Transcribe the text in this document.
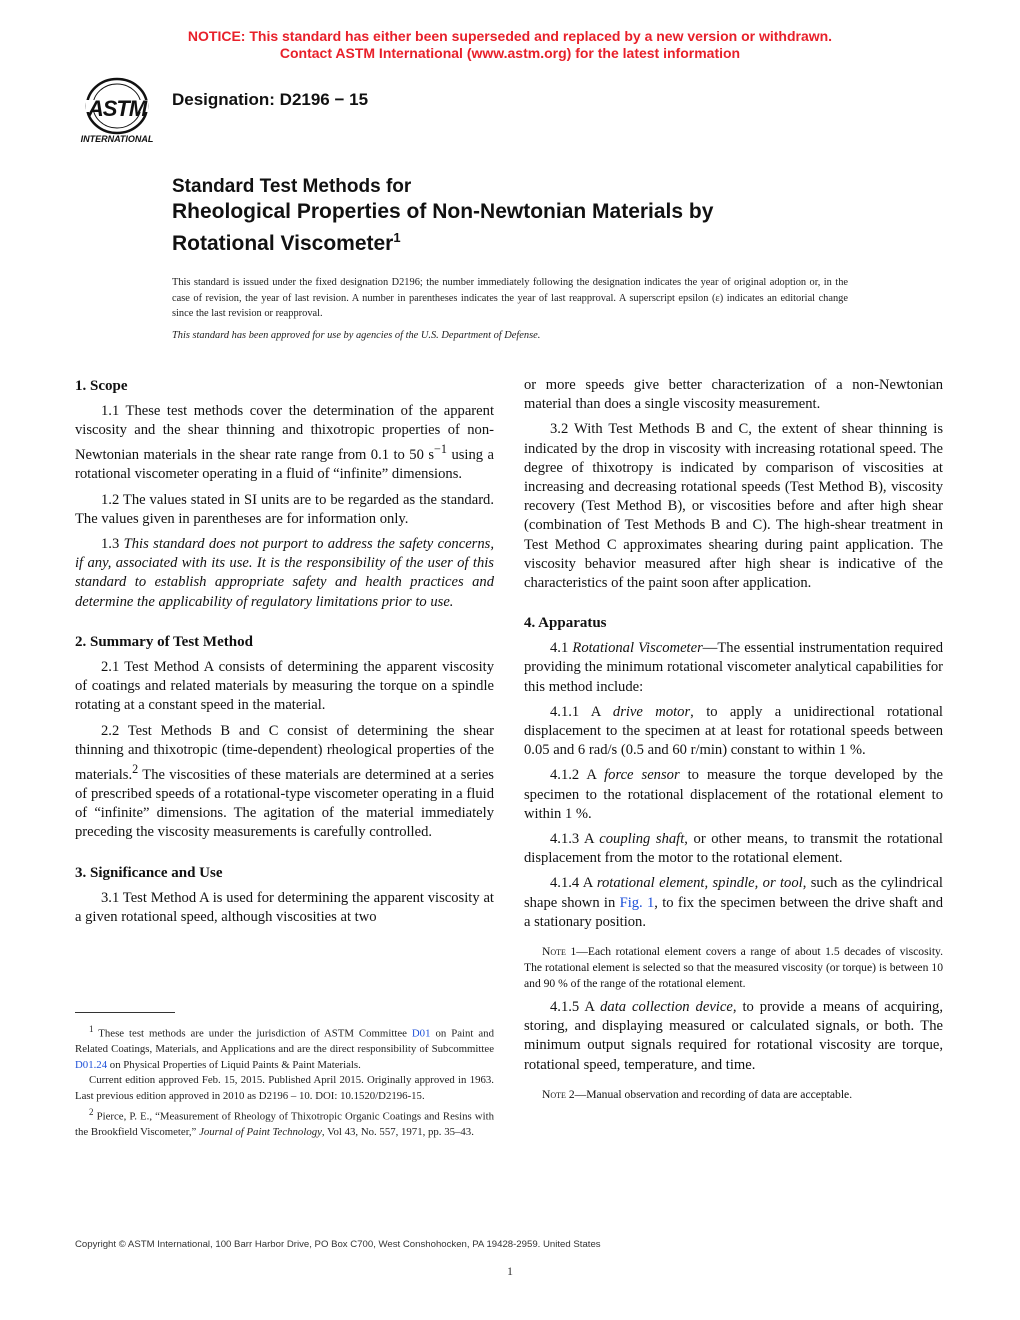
NOTICE: This standard has either been superseded and replaced by a new version or withdrawn.
Contact ASTM International (www.astm.org) for the latest information
ASTM
INTERNATIONAL
Designation: D2196 − 15
Standard Test Methods for
Rheological Properties of Non-Newtonian Materials by
Rotational Viscometer$^1$
This standard is issued under the fixed designation D2196; the number immediately following the designation indicates the year of original adoption or, in the case of revision, the year of last revision. A number in parentheses indicates the year of last reapproval. A superscript epsilon (ε) indicates an editorial change since the last revision or reapproval.
This standard has been approved for use by agencies of the U.S. Department of Defense.
1. Scope

1.1 These test methods cover the determination of the apparent viscosity and the shear thinning and thixotropic properties of non-Newtonian materials in the shear rate range from 0.1 to 50 $s^{-1}$ using a rotational viscometer operating in a fluid of “infinite” dimensions.

1.2 The values stated in SI units are to be regarded as the standard. The values given in parentheses are for information only.

1.3 This standard does not purport to address the safety concerns, if any, associated with its use. It is the responsibility of the user of this standard to establish appropriate safety and health practices and determine the applicability of regulatory limitations prior to use.

2. Summary of Test Method

2.1 Test Method A consists of determining the apparent viscosity of coatings and related materials by measuring the torque on a spindle rotating at a constant speed in the material.

2.2 Test Methods B and C consist of determining the shear thinning and thixotropic (time-dependent) rheological properties of the materials.$^2$ The viscosities of these materials are determined at a series of prescribed speeds of a rotational-type viscometer operating in a fluid of “infinite” dimensions. The agitation of the material immediately preceding the viscosity measurements is carefully controlled.

3. Significance and Use

3.1 Test Method A is used for determining the apparent viscosity at a given rotational speed, although viscosities at two

$^1$ These test methods are under the jurisdiction of ASTM Committee D01 on Paint and Related Coatings, Materials, and Applications and are the direct responsibility of Subcommittee D01.24 on Physical Properties of Liquid Paints & Paint Materials.

Current edition approved Feb. 15, 2015. Published April 2015. Originally approved in 1963. Last previous edition approved in 2010 as D2196 – 10. DOI: 10.1520/D2196-15.

$^2$ Pierce, P. E., “Measurement of Rheology of Thixotropic Organic Coatings and Resins with the Brookfield Viscometer,” Journal of Paint Technology, Vol 43, No. 557, 1971, pp. 35–43.

or more speeds give better characterization of a non-Newtonian material than does a single viscosity measurement.

3.2 With Test Methods B and C, the extent of shear thinning is indicated by the drop in viscosity with increasing rotational speed. The degree of thixotropy is indicated by comparison of viscosities at increasing and decreasing rotational speeds (Test Method B), viscosity recovery (Test Method B), or viscosities before and after high shear (combination of Test Methods B and C). The high-shear treatment in Test Method C approximates shearing during paint application. The viscosity behavior measured after high shear is indicative of the characteristics of the paint soon after application.

4. Apparatus

4.1 Rotational Viscometer—The essential instrumentation required providing the minimum rotational viscometer analytical capabilities for this method include:

4.1.1 A drive motor, to apply a unidirectional rotational displacement to the specimen at at least for rotational speeds between 0.05 and 6 rad/s (0.5 and 60 r/min) constant to within 1 %.

4.1.2 A force sensor to measure the torque developed by the specimen to the rotational displacement of the rotational element to within 1 %.

4.1.3 A coupling shaft, or other means, to transmit the rotational displacement from the motor to the rotational element.

4.1.4 A rotational element, spindle, or tool, such as the cylindrical shape shown in Fig. 1, to fix the specimen between the drive shaft and a stationary position.

Note 1—Each rotational element covers a range of about 1.5 decades of viscosity. The rotational element is selected so that the measured viscosity (or torque) is between 10 and 90 % of the range of the rotational element.

4.1.5 A data collection device, to provide a means of acquiring, storing, and displaying measured or calculated signals, or both. The minimum output signals required for rotational viscosity are torque, rotational speed, temperature, and time.

Note 2—Manual observation and recording of data are acceptable.

Copyright © ASTM International, 100 Barr Harbor Drive, PO Box C700, West Conshohocken, PA 19428-2959. United States
1
